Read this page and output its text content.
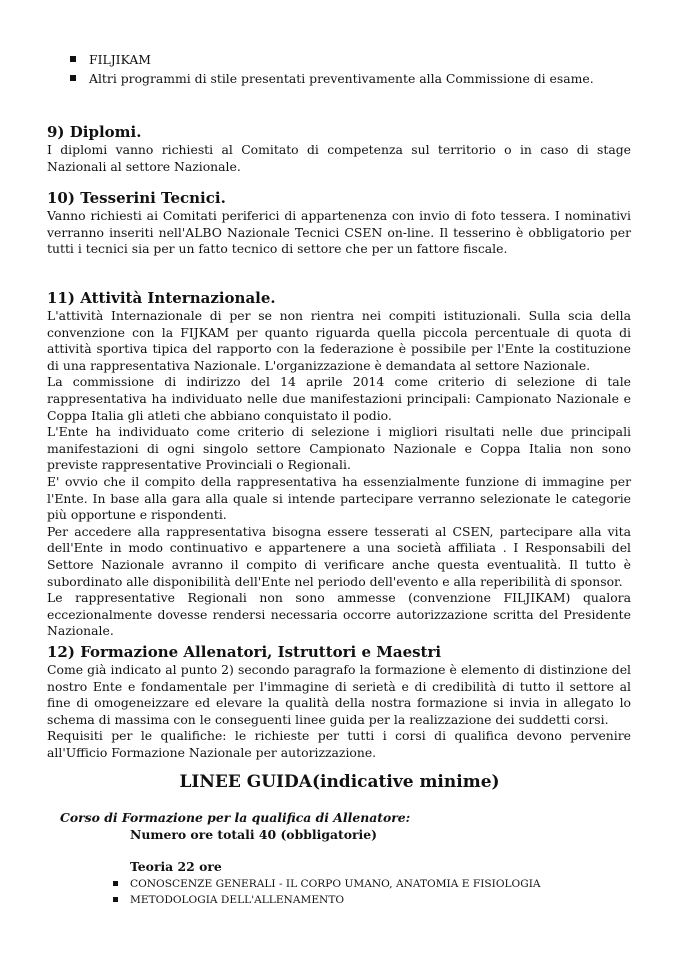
FILJIKAM
Altri programmi di stile presentati preventivamente alla Commissione di esame.
9) Diplomi.

I diplomi vanno richiesti al Comitato di competenza sul territorio o in caso di stage Nazionali al settore Nazionale.

10) Tesserini Tecnici.

Vanno richiesti ai Comitati periferici di appartenenza con invio di foto tessera. I nominativi verranno inseriti nell'ALBO Nazionale Tecnici CSEN on-line. Il tesserino è obbligatorio per tutti i tecnici sia per un fatto tecnico di settore che per un fattore fiscale.

11) Attività Internazionale.

L'attività Internazionale di per se non rientra nei compiti istituzionali. Sulla scia della convenzione con la FIJKAM per quanto riguarda quella piccola percentuale di quota di attività sportiva tipica del rapporto con la federazione è possibile per l'Ente la costituzione di una rappresentativa Nazionale. L'organizzazione è demandata al settore Nazionale.

La commissione di indirizzo del 14 aprile 2014 come criterio di selezione di tale rappresentativa ha individuato nelle due manifestazioni principali: Campionato Nazionale e Coppa Italia gli atleti che abbiano conquistato il podio.

L'Ente ha individuato come criterio di selezione i migliori risultati nelle due principali manifestazioni di ogni singolo settore Campionato Nazionale e Coppa Italia non sono previste rappresentative Provinciali o Regionali.

E' ovvio che il compito della rappresentativa ha essenzialmente funzione di immagine per l'Ente. In base alla gara alla quale si intende partecipare verranno selezionate le categorie più opportune e rispondenti.

Per accedere alla rappresentativa bisogna essere tesserati al CSEN, partecipare alla vita dell'Ente in modo continuativo e appartenere a una società affiliata . I Responsabili del Settore Nazionale avranno il compito di verificare anche questa eventualità. Il tutto è subordinato alle disponibilità dell'Ente nel periodo dell'evento e alla reperibilità di sponsor.

Le rappresentative Regionali non sono ammesse (convenzione FILJIKAM) qualora eccezionalmente dovesse rendersi necessaria occorre autorizzazione scritta del Presidente Nazionale.

12) Formazione Allenatori, Istruttori e Maestri

Come già indicato al punto 2) secondo paragrafo la formazione è elemento di distinzione del nostro Ente e fondamentale per l'immagine di serietà e di credibilità di tutto il settore al fine di omogeneizzare ed elevare la qualità della nostra formazione si invia in allegato lo schema di massima con le conseguenti linee guida per la realizzazione dei suddetti corsi.

Requisiti per le qualifiche: le richieste per tutti i corsi di qualifica devono pervenire all'Ufficio Formazione Nazionale per autorizzazione.

LINEE GUIDA(indicative minime)

Corso di Formazione per la qualifica di Allenatore:

Numero ore totali 40 (obbligatorie)

Teoria 22 ore

CONOSCENZE GENERALI - IL CORPO UMANO, ANATOMIA E FISIOLOGIA
METODOLOGIA DELL'ALLENAMENTO
